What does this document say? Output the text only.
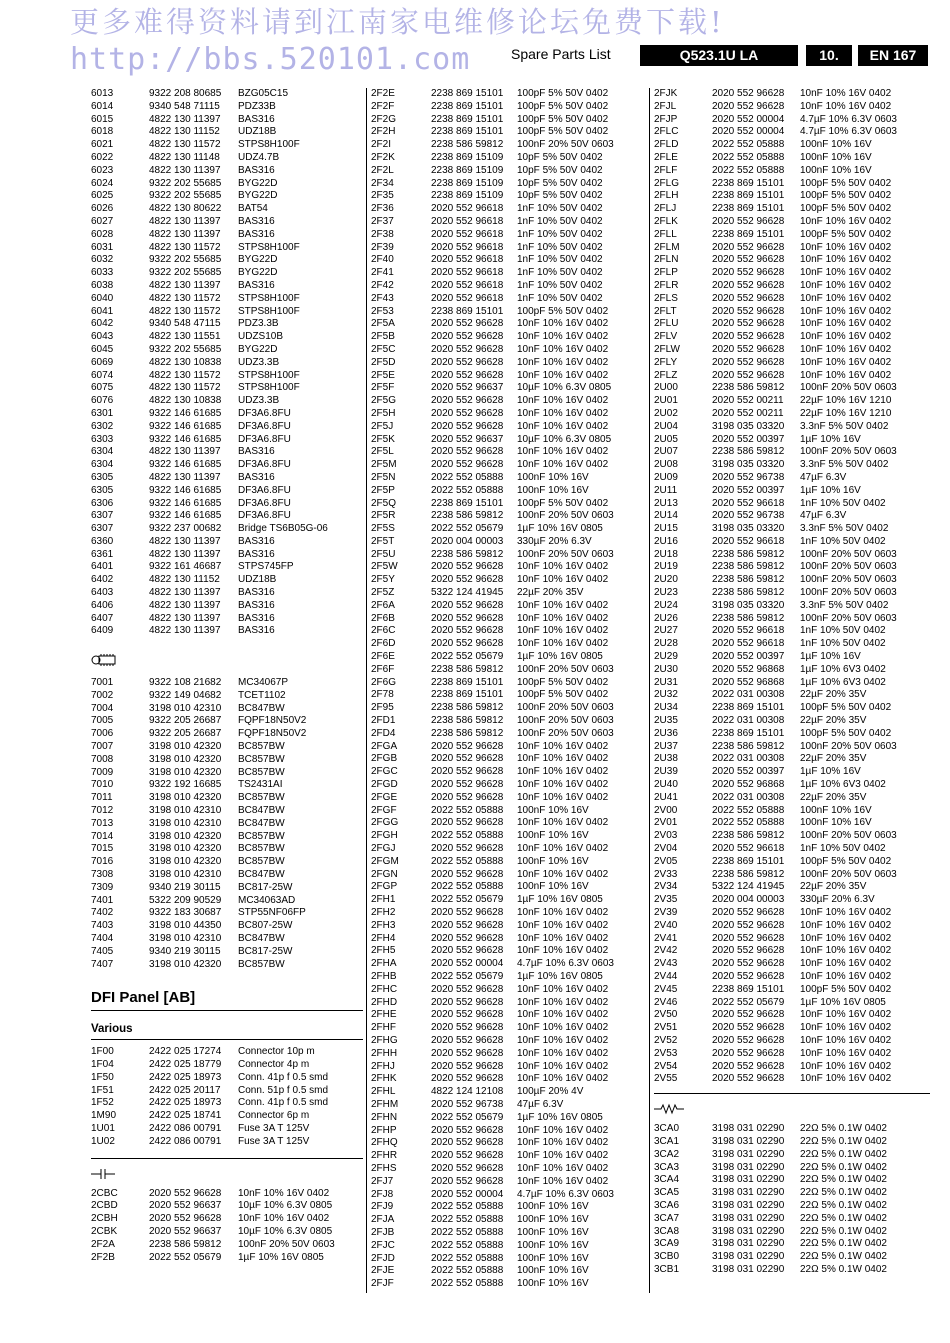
更多难得资料请到江南家电维修论坛免费下载!
http://bbs.520101.com	Spare Parts List	Q523.1U LA	10.	EN 167
6013	9322 208 80685 BZG05C15
6014	9340 548 71115 PDZ33B
6015	4822 130 11397 BAS316
6018	4822 130 11152 UDZ18B
6021	4822 130 11572 STPS8H100F
6022	4822 130 11148 UDZ4.7B
6023	4822 130 11397 BAS316
6024	9322 202 55685 BYG22D
6025	9322 202 55685 BYG22D
6026	4822 130 80622 BAT54
6027	4822 130 11397 BAS316
6028	4822 130 11397 BAS316
6031	4822 130 11572 STPS8H100F
6032	9322 202 55685 BYG22D
6033	9322 202 55685 BYG22D
6038	4822 130 11397 BAS316
6040	4822 130 11572 STPS8H100F
6041	4822 130 11572 STPS8H100F
6042	9340 548 47115 PDZ3.3B
6043	4822 130 11551 UDZS10B
6045	9322 202 55685 BYG22D
6069	4822 130 10838 UDZ3.3B
6074	4822 130 11572 STPS8H100F
6075	4822 130 11572 STPS8H100F
6076	4822 130 10838 UDZ3.3B
6301	9322 146 61685 DF3A6.8FU
6302	9322 146 61685 DF3A6.8FU
6303	9322 146 61685 DF3A6.8FU
6304	4822 130 11397 BAS316
6304	9322 146 61685 DF3A6.8FU
6305	4822 130 11397 BAS316
6305	9322 146 61685 DF3A6.8FU
6306	9322 146 61685 DF3A6.8FU
6307	9322 146 61685 DF3A6.8FU
6307	9322 237 00682 Bridge TS6B05G-06
6360	4822 130 11397 BAS316
6361	4822 130 11397 BAS316
6401	9322 161 46687 STPS745FP
6402	4822 130 11152 UDZ18B
6403	4822 130 11397 BAS316
6406	4822 130 11397 BAS316
6407	4822 130 11397 BAS316
6409	4822 130 11397 BAS316
7001	9322 108 21682 MC34067P
7002	9322 149 04682 TCET1102
7004	3198 010 42310 BC847BW
7005	9322 205 26687 FQPF18N50V2
7006	9322 205 26687 FQPF18N50V2
7007	3198 010 42320 BC857BW
7008	3198 010 42320 BC857BW
7009	3198 010 42320 BC857BW
7010	9322 192 16685 TS2431AI
7011	3198 010 42320 BC857BW
7012	3198 010 42310 BC847BW
7013	3198 010 42310 BC847BW
7014	3198 010 42320 BC857BW
7015	3198 010 42320 BC857BW
7016	3198 010 42320 BC857BW
7308	3198 010 42310 BC847BW
7309	9340 219 30115 BC817-25W
7401	5322 209 90529 MC34063AD
7402	9322 183 30687 STP55NF06FP
7403	3198 010 44350 BC807-25W
7404	3198 010 42310 BC847BW
7405	9340 219 30115 BC817-25W
7407	3198 010 42320 BC857BW
DFI Panel [AB]
Various
1F00	2422 025 17274 Connector 10p m
1F04	2422 025 18779 Connector 4p m
1F50	2422 025 18973 Conn. 41p f 0.5 smd
1F51	2422 025 20117 Conn. 51p f 0.5 smd
1F52	2422 025 18973 Conn. 41p f 0.5 smd
1M90	2422 025 18741 Connector 6p m
1U01	2422 086 00791 Fuse 3A T 125V
1U02	2422 086 00791 Fuse 3A T 125V
2CBC	2020 552 96628 10nF 10% 16V 0402
2CBD	2020 552 96637 10µF 10% 6.3V 0805
2CBH	2020 552 96628 10nF 10% 16V 0402
2CBK	2020 552 96637 10µF 10% 6.3V 0805
2F2A	2238 586 59812 100nF 20% 50V 0603
2F2B	2022 552 05679 1µF 10% 16V 0805
2F2E	2238 869 15101 100pF 5% 50V 0402
2F2F	2238 869 15101 100pF 5% 50V 0402
2F2G	2238 869 15101 100pF 5% 50V 0402
2F2H	2238 869 15101 100pF 5% 50V 0402
2F2I	2238 586 59812 100nF 20% 50V 0603
2F2K	2238 869 15109 10pF 5% 50V 0402
2F2L	2238 869 15109 10pF 5% 50V 0402
2F34	2238 869 15109 10pF 5% 50V 0402
2F35	2238 869 15109 10pF 5% 50V 0402
2F36	2020 552 96618 1nF 10% 50V 0402
2F37	2020 552 96618 1nF 10% 50V 0402
2F38	2020 552 96618 1nF 10% 50V 0402
2F39	2020 552 96618 1nF 10% 50V 0402
2F40	2020 552 96618 1nF 10% 50V 0402
2F41	2020 552 96618 1nF 10% 50V 0402
2F42	2020 552 96618 1nF 10% 50V 0402
2F43	2020 552 96618 1nF 10% 50V 0402
2F53	2238 869 15101 100pF 5% 50V 0402
2F5A	2020 552 96628 10nF 10% 16V 0402
2F5B	2020 552 96628 10nF 10% 16V 0402
2F5C	2020 552 96628 10nF 10% 16V 0402
2F5D	2020 552 96628 10nF 10% 16V 0402
2F5E	2020 552 96628 10nF 10% 16V 0402
2F5F	2020 552 96637 10µF 10% 6.3V 0805
2F5G	2020 552 96628 10nF 10% 16V 0402
2F5H	2020 552 96628 10nF 10% 16V 0402
2F5J	2020 552 96628 10nF 10% 16V 0402
2F5K	2020 552 96637 10µF 10% 6.3V 0805
2F5L	2020 552 96628 10nF 10% 16V 0402
2F5M	2020 552 96628 10nF 10% 16V 0402
2F5N	2022 552 05888 100nF 10% 16V
2F5P	2022 552 05888 100nF 10% 16V
2F5Q	2238 869 15101 100pF 5% 50V 0402
2F5R	2238 586 59812 100nF 20% 50V 0603
2F5S	2022 552 05679 1µF 10% 16V 0805
2F5T	2020 004 00003 330µF 20% 6.3V
2F5U	2238 586 59812 100nF 20% 50V 0603
2F5W	2020 552 96628 10nF 10% 16V 0402
2F5Y	2020 552 96628 10nF 10% 16V 0402
2F5Z	5322 124 41945 22µF 20% 35V
2F6A	2020 552 96628 10nF 10% 16V 0402
2F6B	2020 552 96628 10nF 10% 16V 0402
2F6C	2020 552 96628 10nF 10% 16V 0402
2F6D	2020 552 96628 10nF 10% 16V 0402
2F6E	2022 552 05679 1µF 10% 16V 0805
2F6F	2238 586 59812 100nF 20% 50V 0603
2F6G	2238 869 15101 100pF 5% 50V 0402
2F78	2238 869 15101 100pF 5% 50V 0402
2F95	2238 586 59812 100nF 20% 50V 0603
2FD1	2238 586 59812 100nF 20% 50V 0603
2FD4	2238 586 59812 100nF 20% 50V 0603
2FGA	2020 552 96628 10nF 10% 16V 0402
2FGB	2020 552 96628 10nF 10% 16V 0402
2FGC	2020 552 96628 10nF 10% 16V 0402
2FGD	2020 552 96628 10nF 10% 16V 0402
2FGE	2020 552 96628 10nF 10% 16V 0402
2FGF	2022 552 05888 100nF 10% 16V
2FGG	2020 552 96628 10nF 10% 16V 0402
2FGH	2022 552 05888 100nF 10% 16V
2FGJ	2020 552 96628 10nF 10% 16V 0402
2FGM	2022 552 05888 100nF 10% 16V
2FGN	2020 552 96628 10nF 10% 16V 0402
2FGP	2022 552 05888 100nF 10% 16V
2FH1	2022 552 05679 1µF 10% 16V 0805
2FH2	2020 552 96628 10nF 10% 16V 0402
2FH3	2020 552 96628 10nF 10% 16V 0402
2FH4	2020 552 96628 10nF 10% 16V 0402
2FH5	2020 552 96628 10nF 10% 16V 0402
2FHA	2020 552 00004 4.7µF 10% 6.3V 0603
2FHB	2022 552 05679 1µF 10% 16V 0805
2FHC	2020 552 96628 10nF 10% 16V 0402
2FHD	2020 552 96628 10nF 10% 16V 0402
2FHE	2020 552 96628 10nF 10% 16V 0402
2FHF	2020 552 96628 10nF 10% 16V 0402
2FHG	2020 552 96628 10nF 10% 16V 0402
2FHH	2020 552 96628 10nF 10% 16V 0402
2FHJ	2020 552 96628 10nF 10% 16V 0402
2FHK	2020 552 96628 10nF 10% 16V 0402
2FHL	4822 124 12108 100µF 20% 4V
2FHM	2020 552 96738 47µF 6.3V
2FHN	2022 552 05679 1µF 10% 16V 0805
2FHP	2020 552 96628 10nF 10% 16V 0402
2FHQ	2020 552 96628 10nF 10% 16V 0402
2FHR	2020 552 96628 10nF 10% 16V 0402
2FHS	2020 552 96628 10nF 10% 16V 0402
2FJ7	2020 552 96628 10nF 10% 16V 0402
2FJ8	2020 552 00004 4.7µF 10% 6.3V 0603
2FJ9	2022 552 05888 100nF 10% 16V
2FJA	2022 552 05888 100nF 10% 16V
2FJB	2022 552 05888 100nF 10% 16V
2FJC	2022 552 05888 100nF 10% 16V
2FJD	2022 552 05888 100nF 10% 16V
2FJE	2022 552 05888 100nF 10% 16V
2FJF	2022 552 05888 100nF 10% 16V
2FJK	2020 552 96628 10nF 10% 16V 0402
2FJL	2020 552 96628 10nF 10% 16V 0402
2FJP	2020 552 00004 4.7µF 10% 6.3V 0603
2FLC	2020 552 00004 4.7µF 10% 6.3V 0603
2FLD	2022 552 05888 100nF 10% 16V
2FLE	2022 552 05888 100nF 10% 16V
2FLF	2022 552 05888 100nF 10% 16V
2FLG	2238 869 15101 100pF 5% 50V 0402
2FLH	2238 869 15101 100pF 5% 50V 0402
2FLJ	2238 869 15101 100pF 5% 50V 0402
2FLK	2020 552 96628 10nF 10% 16V 0402
2FLL	2238 869 15101 100pF 5% 50V 0402
2FLM	2020 552 96628 10nF 10% 16V 0402
2FLN	2020 552 96628 10nF 10% 16V 0402
2FLP	2020 552 96628 10nF 10% 16V 0402
2FLR	2020 552 96628 10nF 10% 16V 0402
2FLS	2020 552 96628 10nF 10% 16V 0402
2FLT	2020 552 96628 10nF 10% 16V 0402
2FLU	2020 552 96628 10nF 10% 16V 0402
2FLV	2020 552 96628 10nF 10% 16V 0402
2FLW	2020 552 96628 10nF 10% 16V 0402
2FLY	2020 552 96628 10nF 10% 16V 0402
2FLZ	2020 552 96628 10nF 10% 16V 0402
2U00	2238 586 59812 100nF 20% 50V 0603
2U01	2020 552 00211 22µF 10% 16V 1210
2U02	2020 552 00211 22µF 10% 16V 1210
2U04	3198 035 03320 3.3nF 5% 50V 0402
2U05	2020 552 00397 1µF 10% 16V
2U07	2238 586 59812 100nF 20% 50V 0603
2U08	3198 035 03320 3.3nF 5% 50V 0402
2U09	2020 552 96738 47µF 6.3V
2U11	2020 552 00397 1µF 10% 16V
2U13	2020 552 96618 1nF 10% 50V 0402
2U14	2020 552 96738 47µF 6.3V
2U15	3198 035 03320 3.3nF 5% 50V 0402
2U16	2020 552 96618 1nF 10% 50V 0402
2U18	2238 586 59812 100nF 20% 50V 0603
2U19	2238 586 59812 100nF 20% 50V 0603
2U20	2238 586 59812 100nF 20% 50V 0603
2U23	2238 586 59812 100nF 20% 50V 0603
2U24	3198 035 03320 3.3nF 5% 50V 0402
2U26	2238 586 59812 100nF 20% 50V 0603
2U27	2020 552 96618 1nF 10% 50V 0402
2U28	2020 552 96618 1nF 10% 50V 0402
2U29	2020 552 00397 1µF 10% 16V
2U30	2020 552 96868 1µF 10% 6V3 0402
2U31	2020 552 96868 1µF 10% 6V3 0402
2U32	2022 031 00308 22µF 20% 35V
2U34	2238 869 15101 100pF 5% 50V 0402
2U35	2022 031 00308 22µF 20% 35V
2U36	2238 869 15101 100pF 5% 50V 0402
2U37	2238 586 59812 100nF 20% 50V 0603
2U38	2022 031 00308 22µF 20% 35V
2U39	2020 552 00397 1µF 10% 16V
2U40	2020 552 96868 1µF 10% 6V3 0402
2U41	2022 031 00308 22µF 20% 35V
2V00	2022 552 05888 100nF 10% 16V
2V01	2022 552 05888 100nF 10% 16V
2V03	2238 586 59812 100nF 20% 50V 0603
2V04	2020 552 96618 1nF 10% 50V 0402
2V05	2238 869 15101 100pF 5% 50V 0402
2V33	2238 586 59812 100nF 20% 50V 0603
2V34	5322 124 41945 22µF 20% 35V
2V35	2020 004 00003 330µF 20% 6.3V
2V39	2020 552 96628 10nF 10% 16V 0402
2V40	2020 552 96628 10nF 10% 16V 0402
2V41	2020 552 96628 10nF 10% 16V 0402
2V42	2020 552 96628 10nF 10% 16V 0402
2V43	2020 552 96628 10nF 10% 16V 0402
2V44	2020 552 96628 10nF 10% 16V 0402
2V45	2238 869 15101 100pF 5% 50V 0402
2V46	2022 552 05679 1µF 10% 16V 0805
2V50	2020 552 96628 10nF 10% 16V 0402
2V51	2020 552 96628 10nF 10% 16V 0402
2V52	2020 552 96628 10nF 10% 16V 0402
2V53	2020 552 96628 10nF 10% 16V 0402
2V54	2020 552 96628 10nF 10% 16V 0402
2V55	2020 552 96628 10nF 10% 16V 0402
3CA0	3198 031 02290 22Ω 5% 0.1W 0402
3CA1	3198 031 02290 22Ω 5% 0.1W 0402
3CA2	3198 031 02290 22Ω 5% 0.1W 0402
3CA3	3198 031 02290 22Ω 5% 0.1W 0402
3CA4	3198 031 02290 22Ω 5% 0.1W 0402
3CA5	3198 031 02290 22Ω 5% 0.1W 0402
3CA6	3198 031 02290 22Ω 5% 0.1W 0402
3CA7	3198 031 02290 22Ω 5% 0.1W 0402
3CA8	3198 031 02290 22Ω 5% 0.1W 0402
3CA9	3198 031 02290 22Ω 5% 0.1W 0402
3CB0	3198 031 02290 22Ω 5% 0.1W 0402
3CB1	3198 031 02290 22Ω 5% 0.1W 0402
